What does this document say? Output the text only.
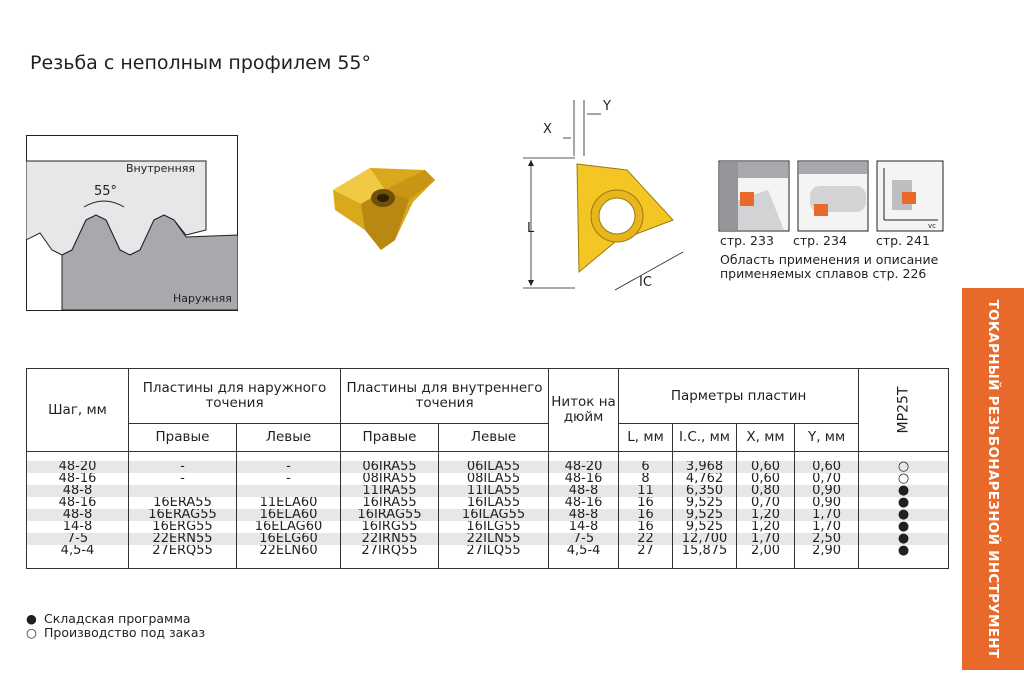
Резьба с неполным профилем 55°
Внутренняя
Наружняя
55°
X
Y
L
IC
vc
стр. 233 стр. 234 стр. 241
Область применения и описание
применяемых сплавов стр. 226
ТОКАРНЫЙ РЕЗЬБОНАРЕЗНОЙ ИНСТРУМЕНТ
Шаг, мм	Пластины для наружного точения		Пластины для внутреннего точения		Ниток на дюйм	Парметры пластин				MP25T

	Правые	Левые	Правые	Левые		L, мм	I.C., мм	X, мм	Y, мм	

48-20	-	-	06IRA55	06ILA55	48-20	6	3,968	0,60	0,60	○
48-16	-	-	08IRA55	08ILA55	48-16	8	4,762	0,60	0,70	○
48-8			11IRA55	11ILA55	48-8	11	6,350	0,80	0,90	●
48-16	16ERA55	11ELA60	16IRA55	16ILA55	48-16	16	9,525	0,70	0,90	●
48-8	16ERAG55	16ELA60	16IRAG55	16ILAG55	48-8	16	9,525	1,20	1,70	●
14-8	16ERG55	16ELAG60	16IRG55	16ILG55	14-8	16	9,525	1,20	1,70	●
7-5	22ERN55	16ELG60	22IRN55	22ILN55	7-5	22	12,700	1,70	2,50	●
4,5-4	27ERQ55	22ELN60	27IRQ55	27ILQ55	4,5-4	27	15,875	2,00	2,90	●

● Складская программа
○ Производство под заказ
